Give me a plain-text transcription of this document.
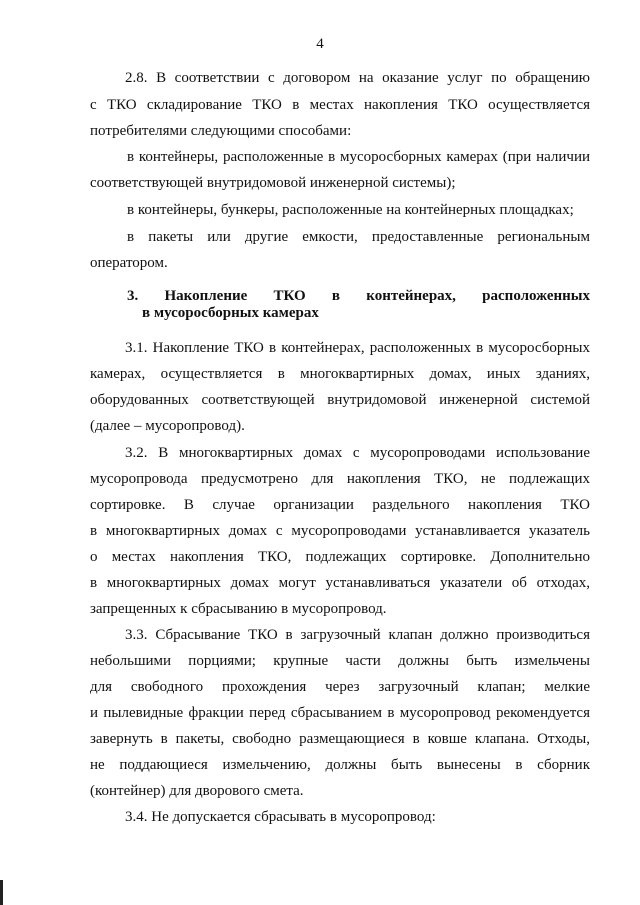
4
2.8. В соответствии с договором на оказание услуг по обращению
с ТКО складирование ТКО в местах накопления ТКО осуществляется
потребителями следующими способами:
в контейнеры, расположенные в мусоросборных камерах (при наличии
соответствующей внутридомовой инженерной системы);
в контейнеры, бункеры, расположенные на контейнерных площадках;
в пакеты или другие емкости, предоставленные региональным
оператором.
3. Накопление ТКО в контейнерах, расположенных
в мусоросборных камерах
3.1. Накопление ТКО в контейнерах, расположенных в мусоросборных
камерах, осуществляется в многоквартирных домах, иных зданиях,
оборудованных соответствующей внутридомовой инженерной системой
(далее – мусоропровод).
3.2. В многоквартирных домах с мусоропроводами использование
мусоропровода предусмотрено для накопления ТКО, не подлежащих
сортировке. В случае организации раздельного накопления ТКО
в многоквартирных домах с мусоропроводами устанавливается указатель
о местах накопления ТКО, подлежащих сортировке. Дополнительно
в многоквартирных домах могут устанавливаться указатели об отходах,
запрещенных к сбрасыванию в мусоропровод.
3.3. Сбрасывание ТКО в загрузочный клапан должно производиться
небольшими порциями; крупные части должны быть измельчены
для свободного прохождения через загрузочный клапан; мелкие
и пылевидные фракции перед сбрасыванием в мусоропровод рекомендуется
завернуть в пакеты, свободно размещающиеся в ковше клапана. Отходы,
не поддающиеся измельчению, должны быть вынесены в сборник
(контейнер) для дворового смета.
3.4. Не допускается сбрасывать в мусоропровод:
